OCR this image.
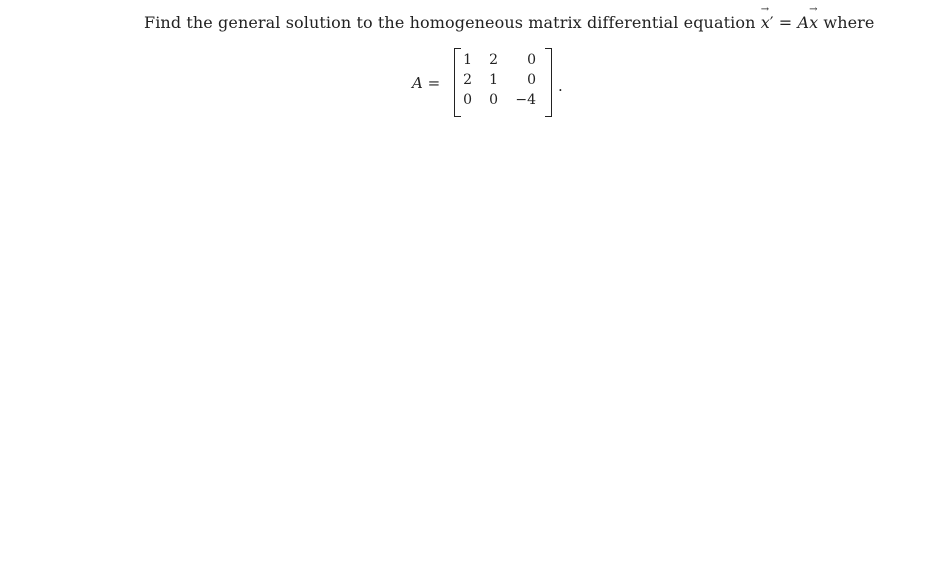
Find the general solution to the homogeneous matrix differential equation → x′ = A→ x where
A =
1	2	0
2	1	0
0	0	−4
.
